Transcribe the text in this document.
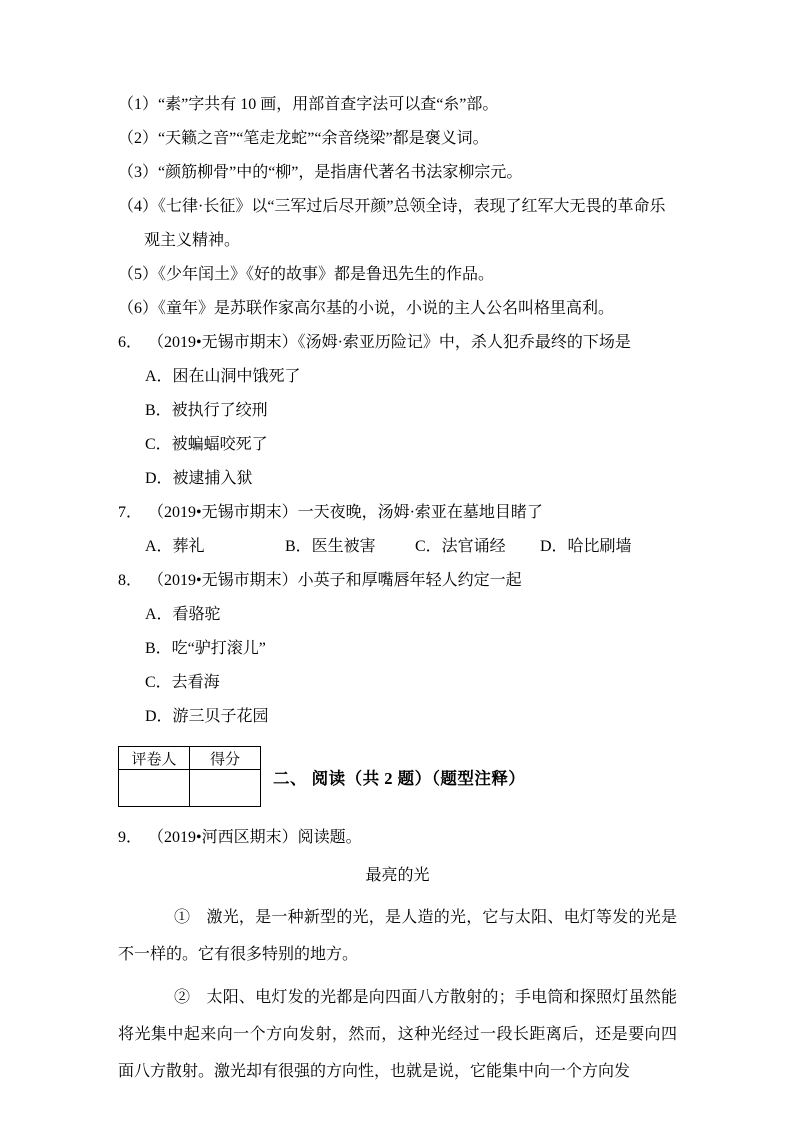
（1）“素”字共有 10 画，用部首查字法可以查“糸”部。

（2）“天籁之音”“笔走龙蛇”“余音绕梁”都是褒义词。

（3）“颜筋柳骨”中的“柳”，是指唐代著名书法家柳宗元。

（4）《七律·长征》以“三军过后尽开颜”总领全诗，表现了红军大无畏的革命乐观主义精神。

（5）《少年闰土》《好的故事》都是鲁迅先生的作品。

（6）《童年》是苏联作家高尔基的小说，小说的主人公名叫格里高利。

6． （2019•无锡市期末）《汤姆·索亚历险记》中，杀人犯乔最终的下场是

A．困在山洞中饿死了

B．被执行了绞刑

C．被蝙蝠咬死了

D．被逮捕入狱

7． （2019•无锡市期末）一天夜晚，汤姆·索亚在墓地目睹了

A．葬礼	B．医生被害 C．法官诵经 D．哈比刷墙

8． （2019•无锡市期末）小英子和厚嘴唇年轻人约定一起

A．看骆驼

B．吃“驴打滚儿”

C．去看海

D．游三贝子花园

评卷人	得分

二、 阅读（共 2 题）（题型注释）

9． （2019•河西区期末）阅读题。

最亮的光

①　激光，是一种新型的光，是人造的光，它与太阳、电灯等发的光是不一样的。它有很多特别的地方。

②　太阳、电灯发的光都是向四面八方散射的；手电筒和探照灯虽然能将光集中起来向一个方向发射，然而，这种光经过一段长距离后，还是要向四面八方散射。激光却有很强的方向性，也就是说，它能集中向一个方向发
